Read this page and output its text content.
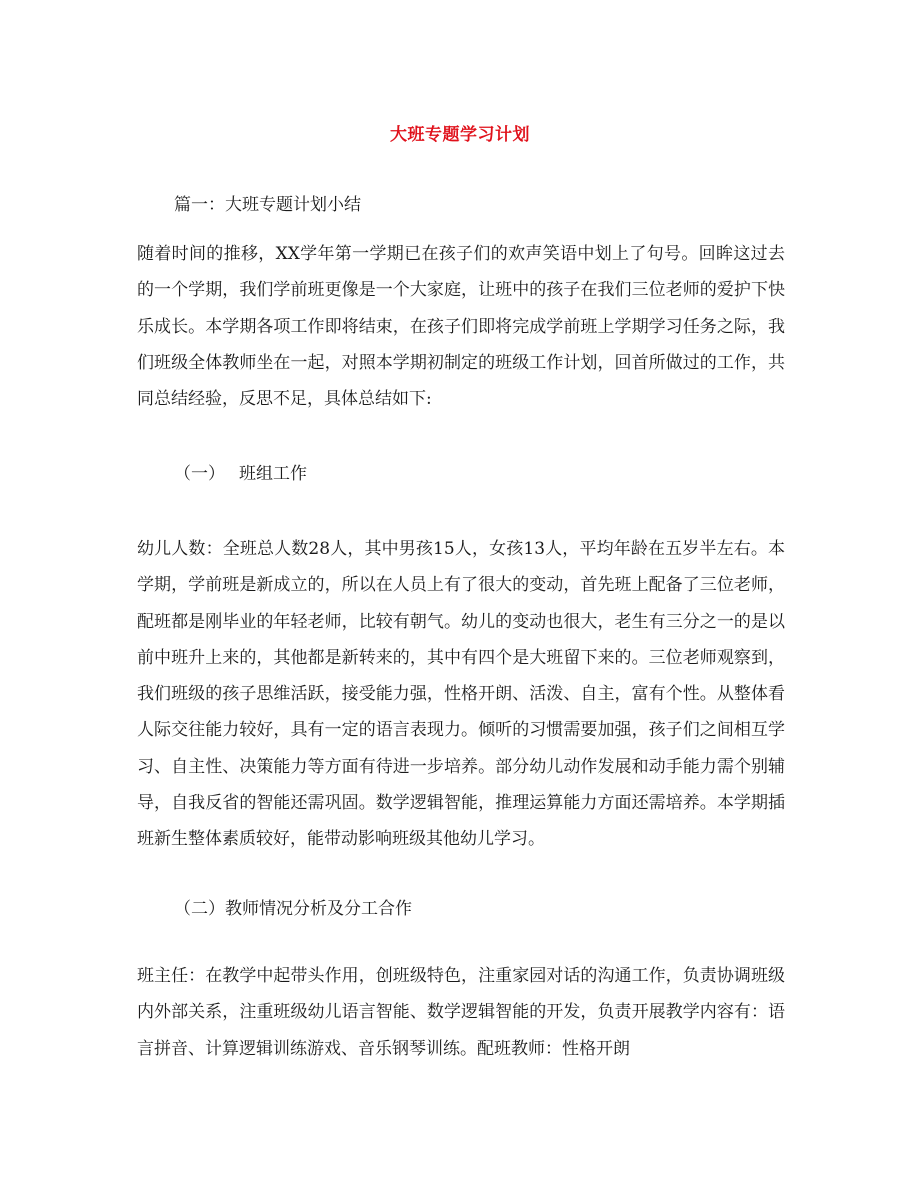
大班专题学习计划
篇一：大班专题计划小结

随着时间的推移，XX学年第一学期已在孩子们的欢声笑语中划上了句号。回眸这过去的一个学期，我们学前班更像是一个大家庭，让班中的孩子在我们三位老师的爱护下快乐成长。本学期各项工作即将结束，在孩子们即将完成学前班上学期学习任务之际，我们班级全体教师坐在一起，对照本学期初制定的班级工作计划，回首所做过的工作，共同总结经验，反思不足，具体总结如下:

（一） 班组工作

幼儿人数：全班总人数28人，其中男孩15人，女孩13人，平均年龄在五岁半左右。本学期，学前班是新成立的，所以在人员上有了很大的变动，首先班上配备了三位老师，配班都是刚毕业的年轻老师，比较有朝气。幼儿的变动也很大，老生有三分之一的是以前中班升上来的，其他都是新转来的，其中有四个是大班留下来的。三位老师观察到，我们班级的孩子思维活跃，接受能力强，性格开朗、活泼、自主，富有个性。从整体看人际交往能力较好，具有一定的语言表现力。倾听的习惯需要加强，孩子们之间相互学习、自主性、决策能力等方面有待进一步培养。部分幼儿动作发展和动手能力需个别辅导，自我反省的智能还需巩固。数学逻辑智能，推理运算能力方面还需培养。本学期插班新生整体素质较好，能带动影响班级其他幼儿学习。

（二）教师情况分析及分工合作

班主任：在教学中起带头作用，创班级特色，注重家园对话的沟通工作，负责协调班级内外部关系，注重班级幼儿语言智能、数学逻辑智能的开发，负责开展教学内容有：语言拼音、计算逻辑训练游戏、音乐钢琴训练。配班教师：性格开朗
